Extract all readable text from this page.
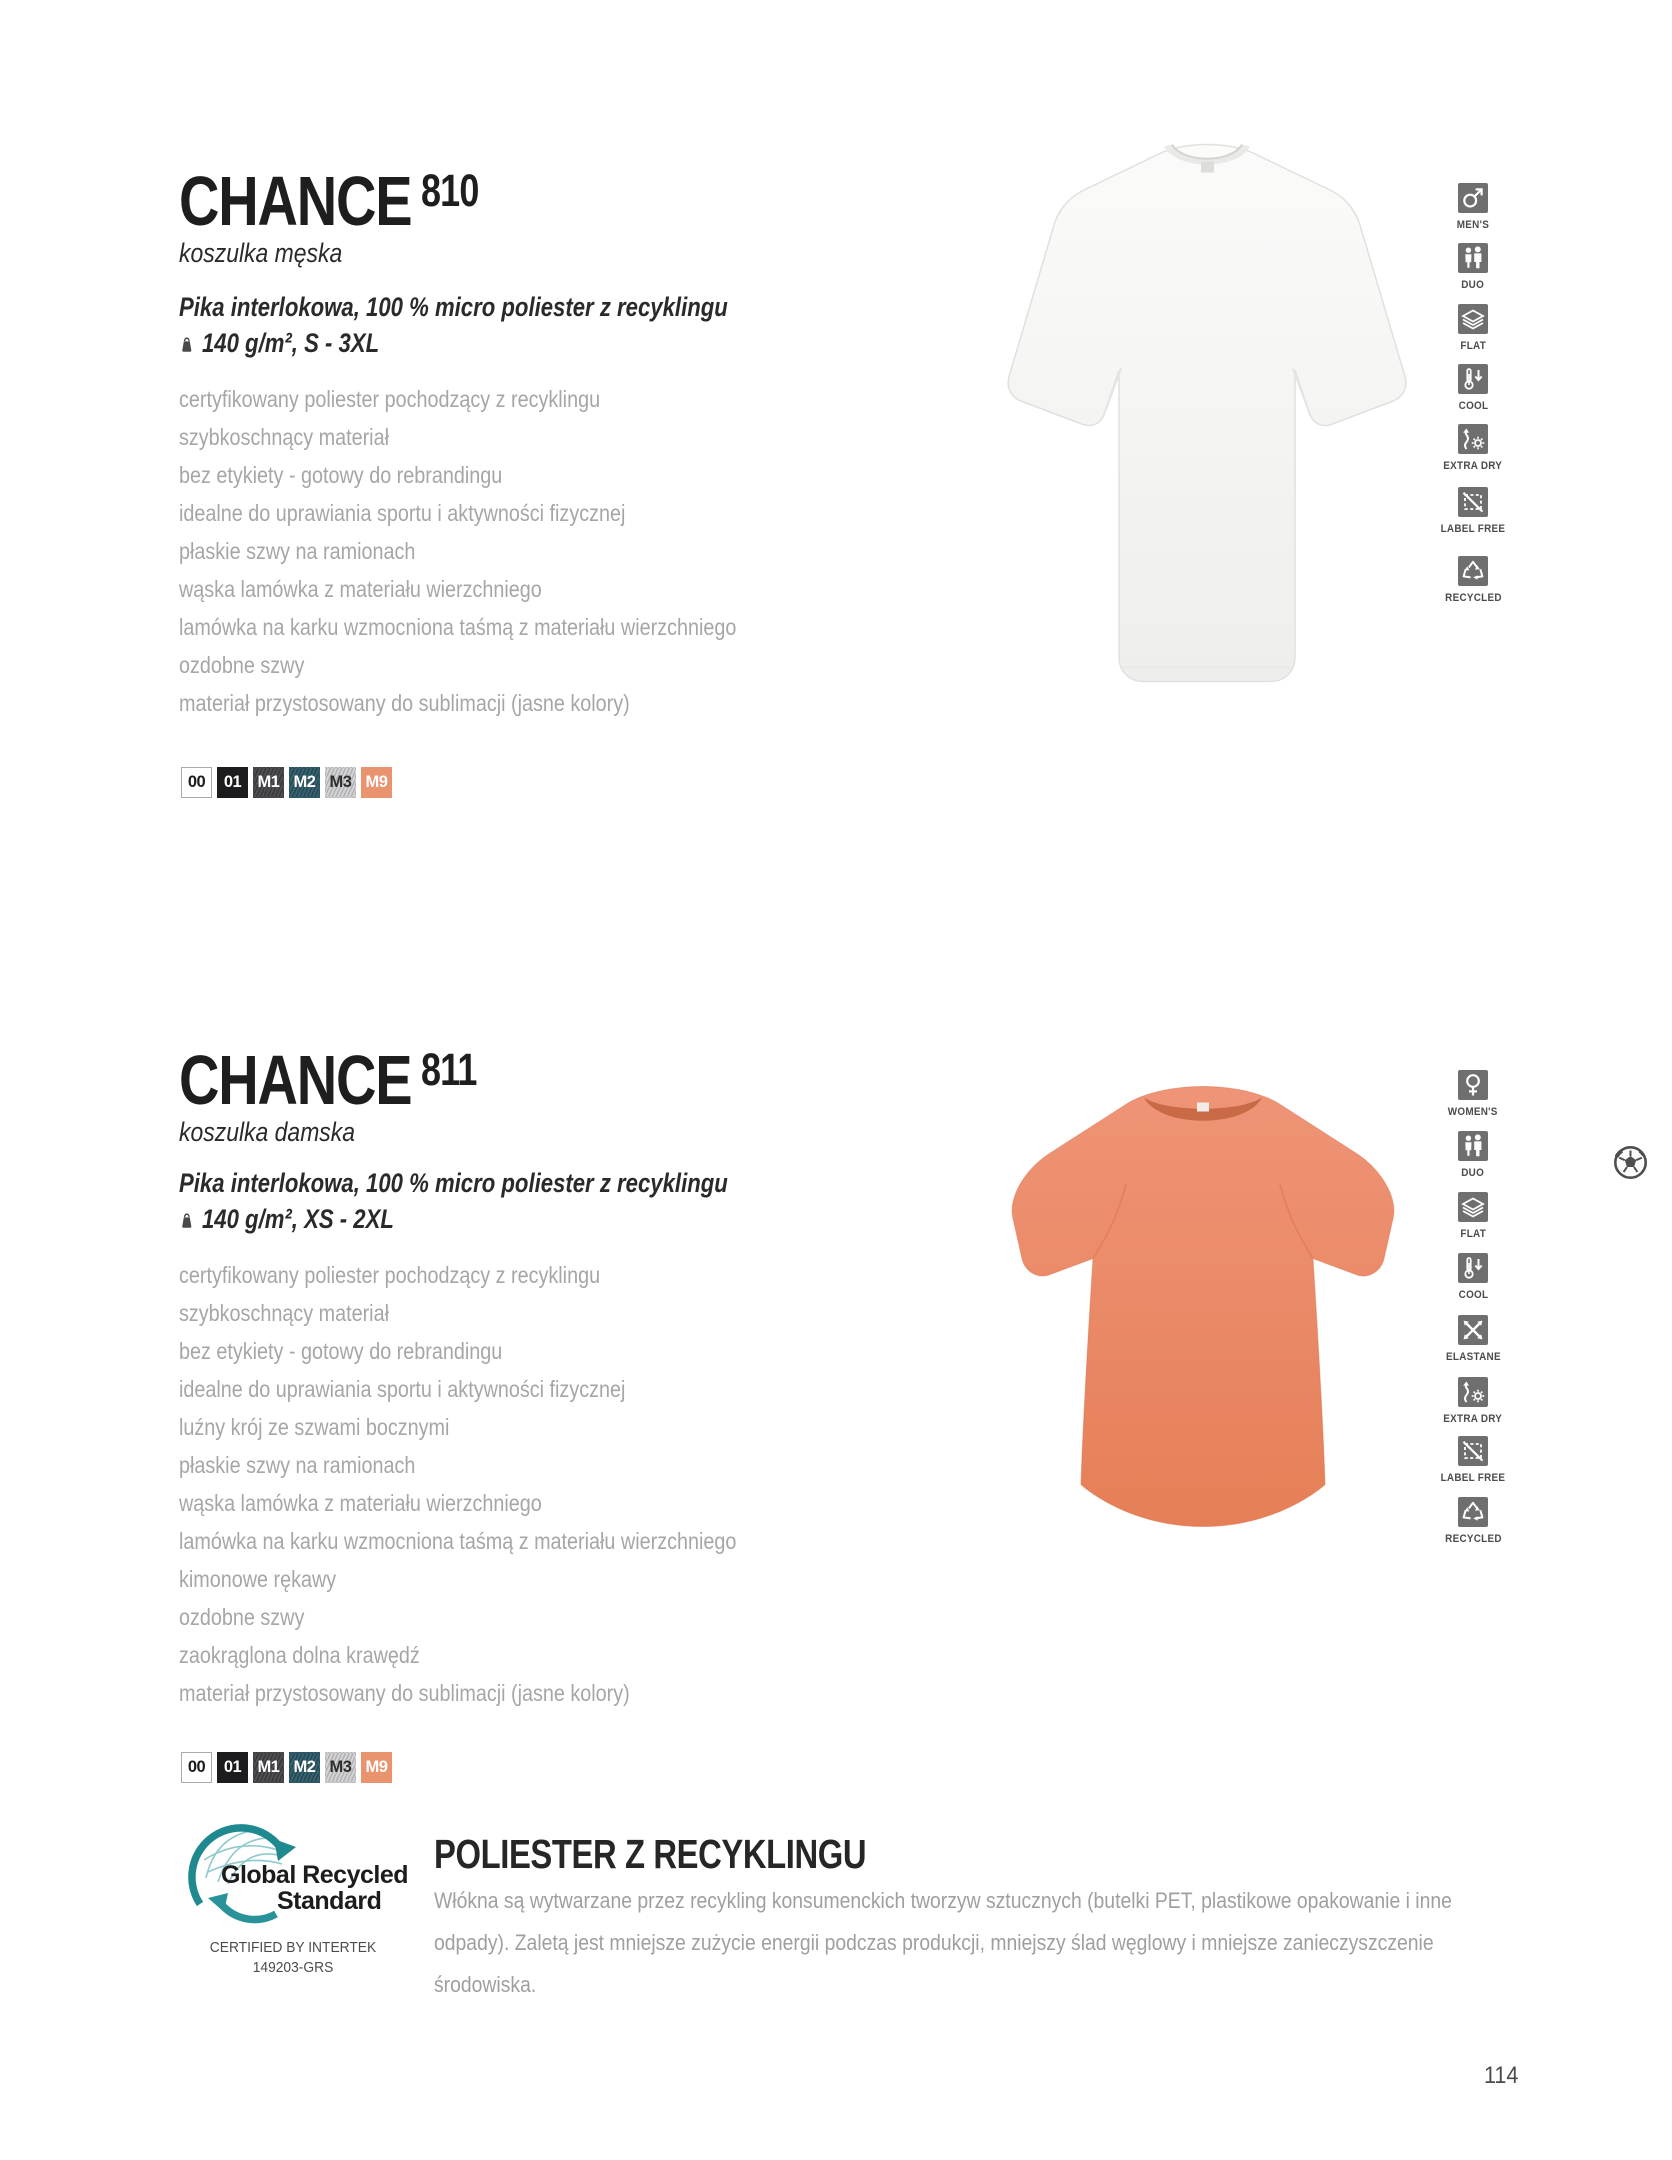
CHANCE 810
koszulka męska
Pika interlokowa, 100 % micro poliester z recyklingu
140 g/m², S - 3XL
certyfikowany poliester pochodzący z recyklingu
szybkoschnący materiał
bez etykiety - gotowy do rebrandingu
idealne do uprawiania sportu i aktywności fizycznej
płaskie szwy na ramionach
wąska lamówka z materiału wierzchniego
lamówka na karku wzmocniona taśmą z materiału wierzchniego
ozdobne szwy
materiał przystosowany do sublimacji (jasne kolory)
00 01 M1 M2 M3 M9
MEN'S
DUO
FLAT
COOL
EXTRA DRY
LABEL FREE
RECYCLED
CHANCE 811
koszulka damska
Pika interlokowa, 100 % micro poliester z recyklingu
140 g/m², XS - 2XL
certyfikowany poliester pochodzący z recyklingu
szybkoschnący materiał
bez etykiety - gotowy do rebrandingu
idealne do uprawiania sportu i aktywności fizycznej
luźny krój ze szwami bocznymi
płaskie szwy na ramionach
wąska lamówka z materiału wierzchniego
lamówka na karku wzmocniona taśmą z materiału wierzchniego
kimonowe rękawy
ozdobne szwy
zaokrąglona dolna krawędź
materiał przystosowany do sublimacji (jasne kolory)
00 01 M1 M2 M3 M9
WOMEN'S
DUO
FLAT
COOL
ELASTANE
EXTRA DRY
LABEL FREE
RECYCLED
Global Recycled
Standard
CERTIFIED BY INTERTEK
149203-GRS
POLIESTER Z RECYKLINGU

Włókna są wytwarzane przez recykling konsumenckich tworzyw sztucznych (butelki PET, plastikowe opakowanie i inne odpady). Zaletą jest mniejsze zużycie energii podczas produkcji, mniejszy ślad węglowy i mniejsze zanieczyszczenie środowiska.

114
